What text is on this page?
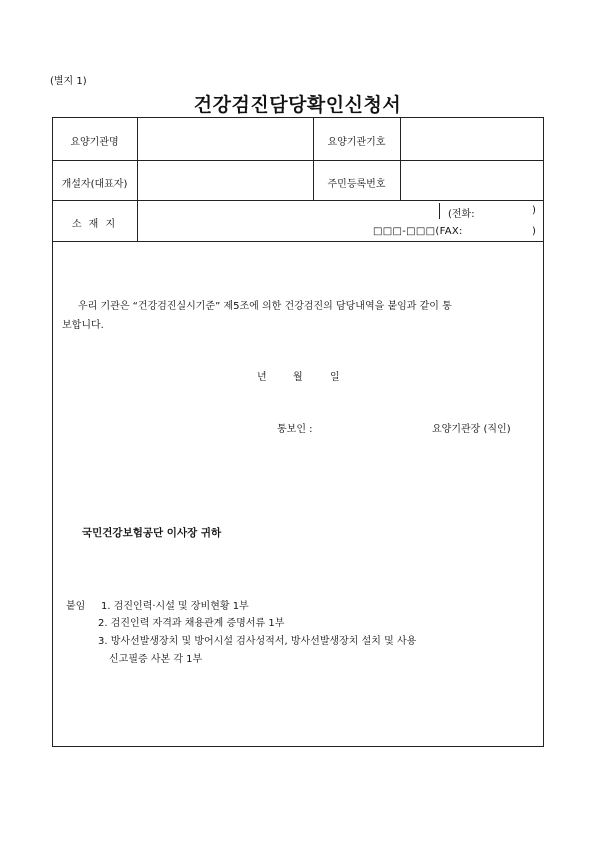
(별지 1)
건강검진담당확인신청서
요양기관명	요양기관기호
개설자(대표자)	주민등록번호
소 재 지
(전화:	)
□□□-□□□(FAX:	)
우리 기관은 “건강검진실시기준” 제5조에 의한 건강검진의 담당내역을 붙임과 같이 통
보합니다.
년	월	일
통보인 :	요양기관장 (직인)
국민건강보험공단 이사장 귀하
붙임 1. 검진인력·시설 및 장비현황 1부
2. 검진인력 자격과 채용관계 증명서류 1부
3. 방사선발생장치 및 방어시설 검사성적서, 방사선발생장치 설치 및 사용
신고필증 사본 각 1부
